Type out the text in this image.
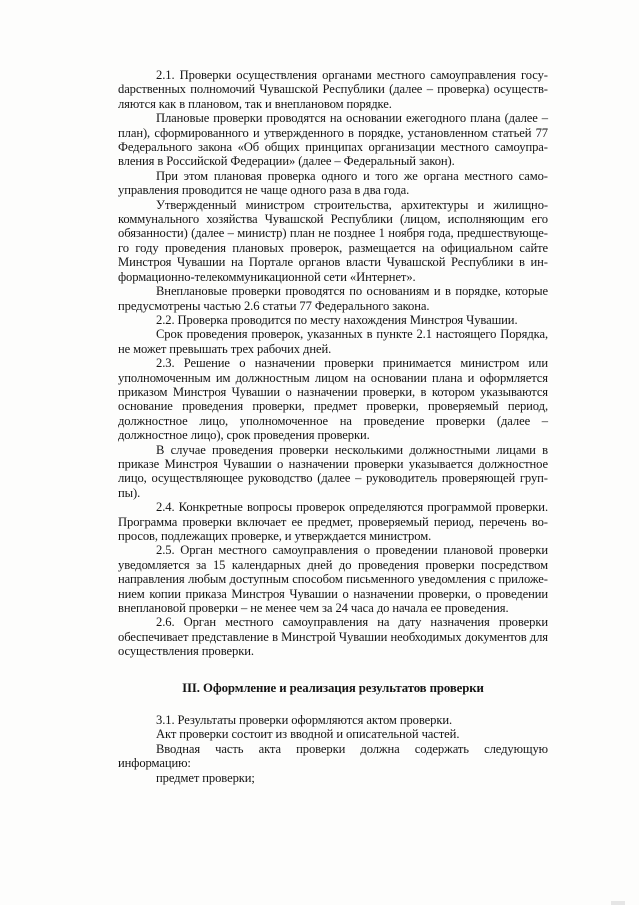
2.1. Проверки осуществления органами местного самоуправления госуdарственных полномочий Чувашской Республики (далее – проверка) осуществляются как в плановом, так и внеплановом порядке.

Плановые проверки проводятся на основании ежегодного плана (далее – план), сформированного и утвержденного в порядке, установленном статьей 77 Федерального закона «Об общих принципах организации местного самоуправления в Российской Федерации» (далее – Федеральный закон).

При этом плановая проверка одного и того же органа местного самоуправления проводится не чаще одного раза в два года.

Утвержденный министром строительства, архитектуры и жилищно-коммунального хозяйства Чувашской Республики (лицом, исполняющим его обязанности) (далее – министр) план не позднее 1 ноября года, предшествующего году проведения плановых проверок, размещается на официальном сайте Минстроя Чувашии на Портале органов власти Чувашской Республики в информационно-телекоммуникационной сети «Интернет».

Внеплановые проверки проводятся по основаниям и в порядке, которые предусмотрены частью 2.6 статьи 77 Федерального закона.

2.2. Проверка проводится по месту нахождения Минстроя Чувашии.

Срок проведения проверок, указанных в пункте 2.1 настоящего Порядка, не может превышать трех рабочих дней.

2.3. Решение о назначении проверки принимается министром или уполномоченным им должностным лицом на основании плана и оформляется приказом Минстроя Чувашии о назначении проверки, в котором указываются основание проведения проверки, предмет проверки, проверяемый период, должностное лицо, уполномоченное на проведение проверки (далее – должностное лицо), срок проведения проверки.

В случае проведения проверки несколькими должностными лицами в приказе Минстроя Чувашии о назначении проверки указывается должностное лицо, осуществляющее руководство (далее – руководитель проверяющей группы).

2.4. Конкретные вопросы проверок определяются программой проверки. Программа проверки включает ее предмет, проверяемый период, перечень вопросов, подлежащих проверке, и утверждается министром.

2.5. Орган местного самоуправления о проведении плановой проверки уведомляется за 15 календарных дней до проведения проверки посредством направления любым доступным способом письменного уведомления с приложением копии приказа Минстроя Чувашии о назначении проверки, о проведении внеплановой проверки – не менее чем за 24 часа до начала ее проведения.

2.6. Орган местного самоуправления на дату назначения проверки обеспечивает представление в Минстрой Чувашии необходимых документов для осуществления проверки.

III. Оформление и реализация результатов проверки

3.1. Результаты проверки оформляются актом проверки.

Акт проверки состоит из вводной и описательной частей.

Вводная часть акта проверки должна содержать следующую информацию:

предмет проверки;
